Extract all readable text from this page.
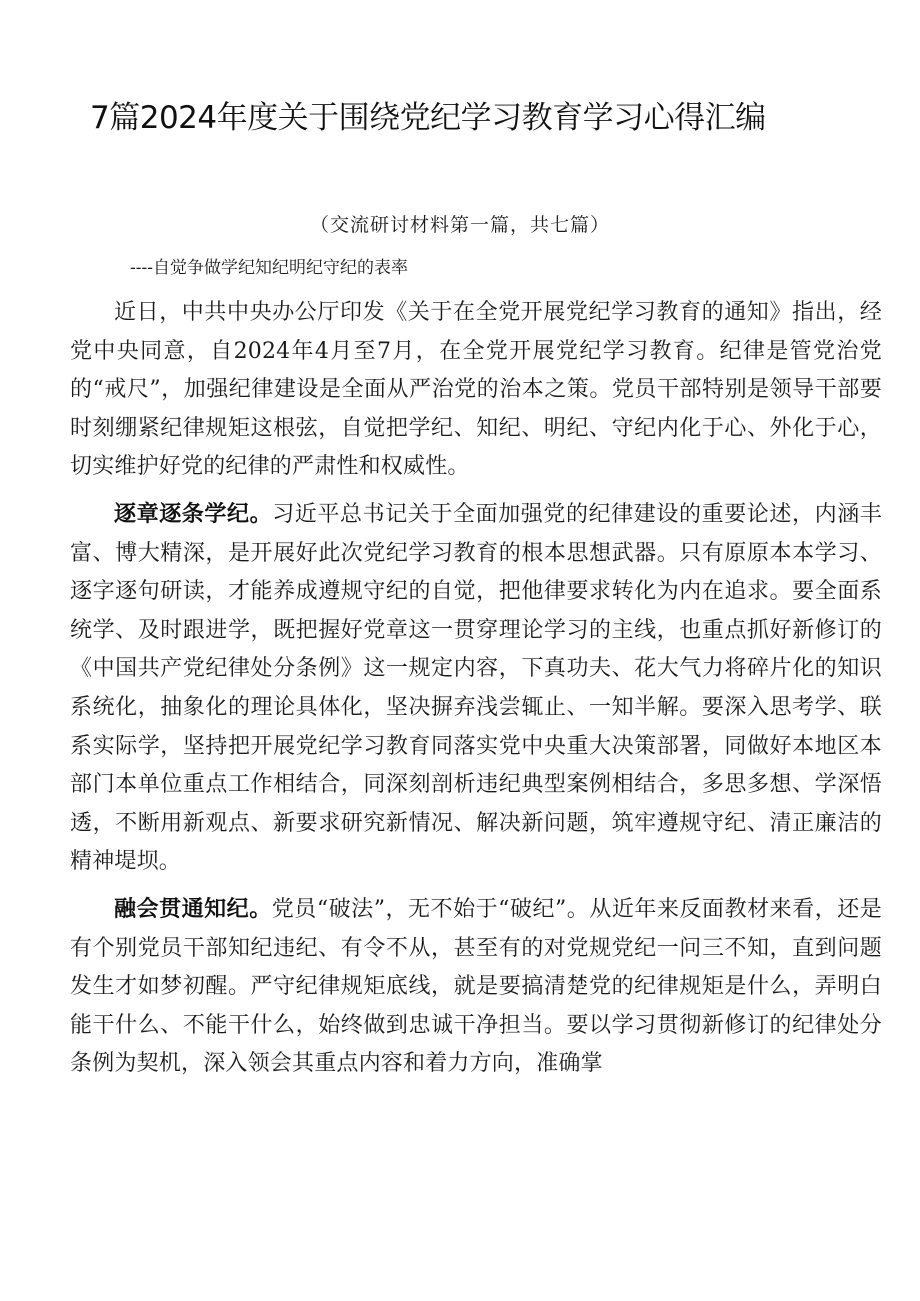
7篇2024年度关于围绕党纪学习教育学习心得汇编
（交流研讨材料第一篇，共七篇）
----自觉争做学纪知纪明纪守纪的表率

近日，中共中央办公厅印发《关于在全党开展党纪学习教育的通知》指出，经党中央同意，自2024年4月至7月，在全党开展党纪学习教育。纪律是管党治党的“戒尺”，加强纪律建设是全面从严治党的治本之策。党员干部特别是领导干部要时刻绷紧纪律规矩这根弦，自觉把学纪、知纪、明纪、守纪内化于心、外化于心，切实维护好党的纪律的严肃性和权威性。

逐章逐条学纪。习近平总书记关于全面加强党的纪律建设的重要论述，内涵丰富、博大精深，是开展好此次党纪学习教育的根本思想武器。只有原原本本学习、逐字逐句研读，才能养成遵规守纪的自觉，把他律要求转化为内在追求。要全面系统学、及时跟进学，既把握好党章这一贯穿理论学习的主线，也重点抓好新修订的《中国共产党纪律处分条例》这一规定内容，下真功夫、花大气力将碎片化的知识系统化，抽象化的理论具体化，坚决摒弃浅尝辄止、一知半解。要深入思考学、联系实际学，坚持把开展党纪学习教育同落实党中央重大决策部署，同做好本地区本部门本单位重点工作相结合，同深刻剖析违纪典型案例相结合，多思多想、学深悟透，不断用新观点、新要求研究新情况、解决新问题，筑牢遵规守纪、清正廉洁的精神堤坝。

融会贯通知纪。党员“破法”，无不始于“破纪”。从近年来反面教材来看，还是有个别党员干部知纪违纪、有令不从，甚至有的对党规党纪一问三不知，直到问题发生才如梦初醒。严守纪律规矩底线，就是要搞清楚党的纪律规矩是什么，弄明白能干什么、不能干什么，始终做到忠诚干净担当。要以学习贯彻新修订的纪律处分条例为契机，深入领会其重点内容和着力方向，准确掌
